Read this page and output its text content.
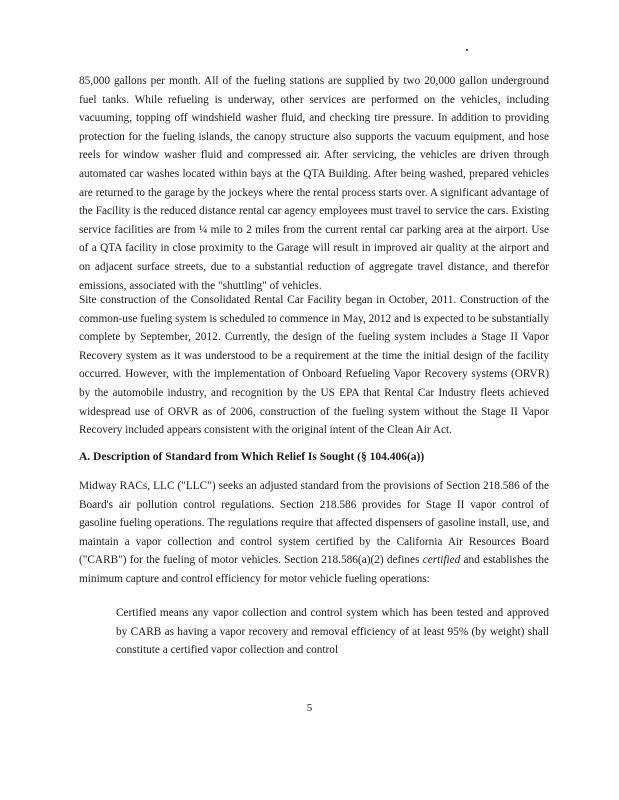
85,000 gallons per month. All of the fueling stations are supplied by two 20,000 gallon underground fuel tanks. While refueling is underway, other services are performed on the vehicles, including vacuuming, topping off windshield washer fluid, and checking tire pressure. In addition to providing protection for the fueling islands, the canopy structure also supports the vacuum equipment, and hose reels for window washer fluid and compressed air. After servicing, the vehicles are driven through automated car washes located within bays at the QTA Building. After being washed, prepared vehicles are returned to the garage by the jockeys where the rental process starts over. A significant advantage of the Facility is the reduced distance rental car agency employees must travel to service the cars. Existing service facilities are from ¼ mile to 2 miles from the current rental car parking area at the airport. Use of a QTA facility in close proximity to the Garage will result in improved air quality at the airport and on adjacent surface streets, due to a substantial reduction of aggregate travel distance, and therefor emissions, associated with the "shuttling" of vehicles.

Site construction of the Consolidated Rental Car Facility began in October, 2011. Construction of the common-use fueling system is scheduled to commence in May, 2012 and is expected to be substantially complete by September, 2012. Currently, the design of the fueling system includes a Stage II Vapor Recovery system as it was understood to be a requirement at the time the initial design of the facility occurred. However, with the implementation of Onboard Refueling Vapor Recovery systems (ORVR) by the automobile industry, and recognition by the US EPA that Rental Car Industry fleets achieved widespread use of ORVR as of 2006, construction of the fueling system without the Stage II Vapor Recovery included appears consistent with the original intent of the Clean Air Act.

A. Description of Standard from Which Relief Is Sought (§ 104.406(a))

Midway RACs, LLC ("LLC") seeks an adjusted standard from the provisions of Section 218.586 of the Board's air pollution control regulations. Section 218.586 provides for Stage II vapor control of gasoline fueling operations. The regulations require that affected dispensers of gasoline install, use, and maintain a vapor collection and control system certified by the California Air Resources Board ("CARB") for the fueling of motor vehicles. Section 218.586(a)(2) defines certified and establishes the minimum capture and control efficiency for motor vehicle fueling operations:

Certified means any vapor collection and control system which has been tested and approved by CARB as having a vapor recovery and removal efficiency of at least 95% (by weight) shall constitute a certified vapor collection and control

5
